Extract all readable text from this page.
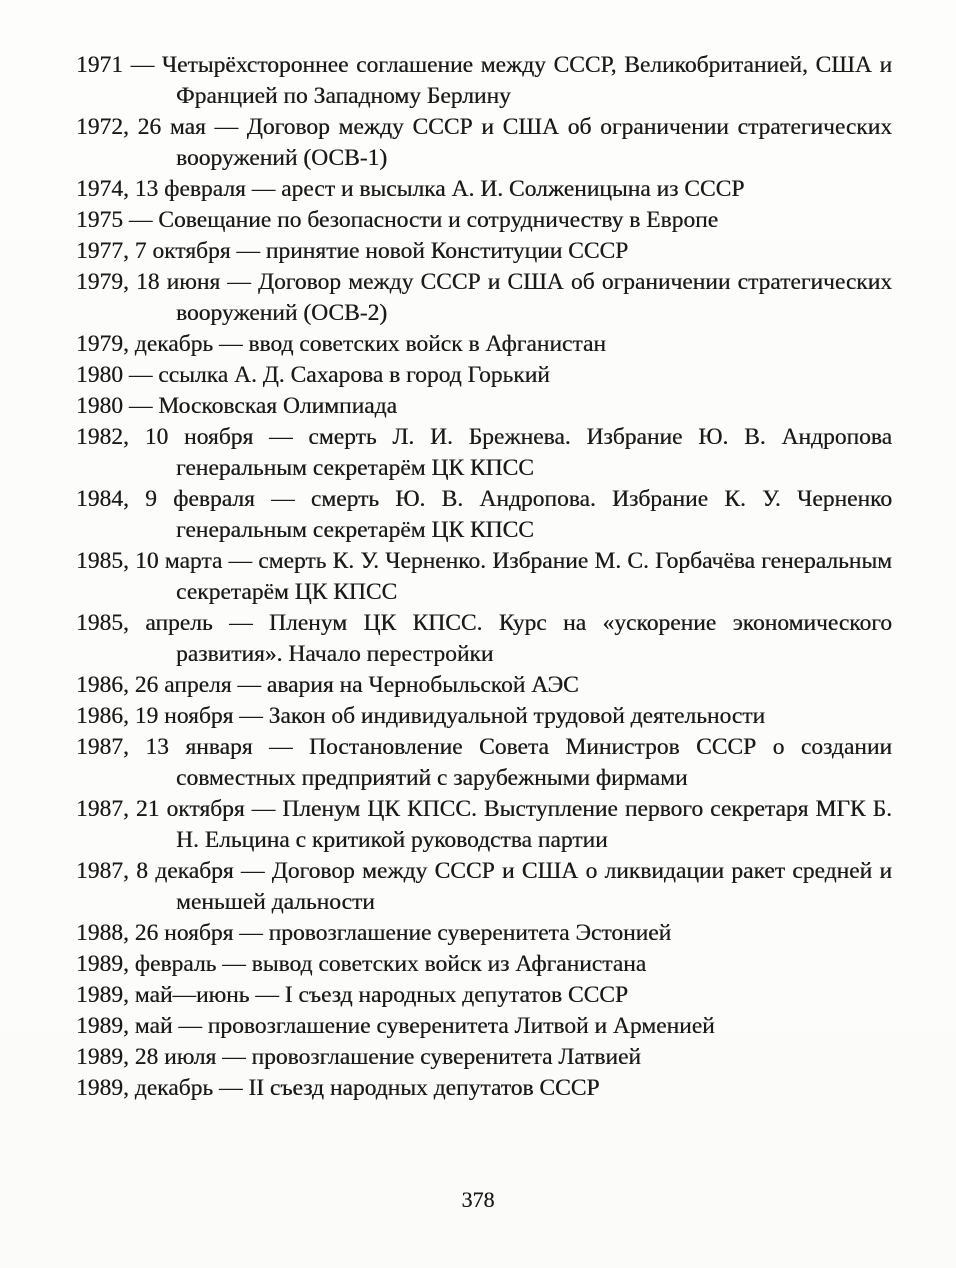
1971 — Четырёхстороннее соглашение между СССР, Великобританией, США и Францией по Западному Берлину

1972, 26 мая — Договор между СССР и США об ограничении стратегических вооружений (ОСВ-1)

1974, 13 февраля — арест и высылка А. И. Солженицына из СССР

1975 — Совещание по безопасности и сотрудничеству в Европе

1977, 7 октября — принятие новой Конституции СССР

1979, 18 июня — Договор между СССР и США об ограничении стратегических вооружений (ОСВ-2)

1979, декабрь — ввод советских войск в Афганистан

1980 — ссылка А. Д. Сахарова в город Горький

1980 — Московская Олимпиада

1982, 10 ноября — смерть Л. И. Брежнева. Избрание Ю. В. Андропова генеральным секретарём ЦК КПСС

1984, 9 февраля — смерть Ю. В. Андропова. Избрание К. У. Черненко генеральным секретарём ЦК КПСС

1985, 10 марта — смерть К. У. Черненко. Избрание М. С. Горбачёва генеральным секретарём ЦК КПСС

1985, апрель — Пленум ЦК КПСС. Курс на «ускорение экономического развития». Начало перестройки

1986, 26 апреля — авария на Чернобыльской АЭС

1986, 19 ноября — Закон об индивидуальной трудовой деятельности

1987, 13 января — Постановление Совета Министров СССР о создании совместных предприятий с зарубежными фирмами

1987, 21 октября — Пленум ЦК КПСС. Выступление первого секретаря МГК Б. Н. Ельцина с критикой руководства партии

1987, 8 декабря — Договор между СССР и США о ликвидации ракет средней и меньшей дальности

1988, 26 ноября — провозглашение суверенитета Эстонией

1989, февраль — вывод советских войск из Афганистана

1989, май—июнь — I съезд народных депутатов СССР

1989, май — провозглашение суверенитета Литвой и Арменией

1989, 28 июля — провозглашение суверенитета Латвией

1989, декабрь — II съезд народных депутатов СССР

378
